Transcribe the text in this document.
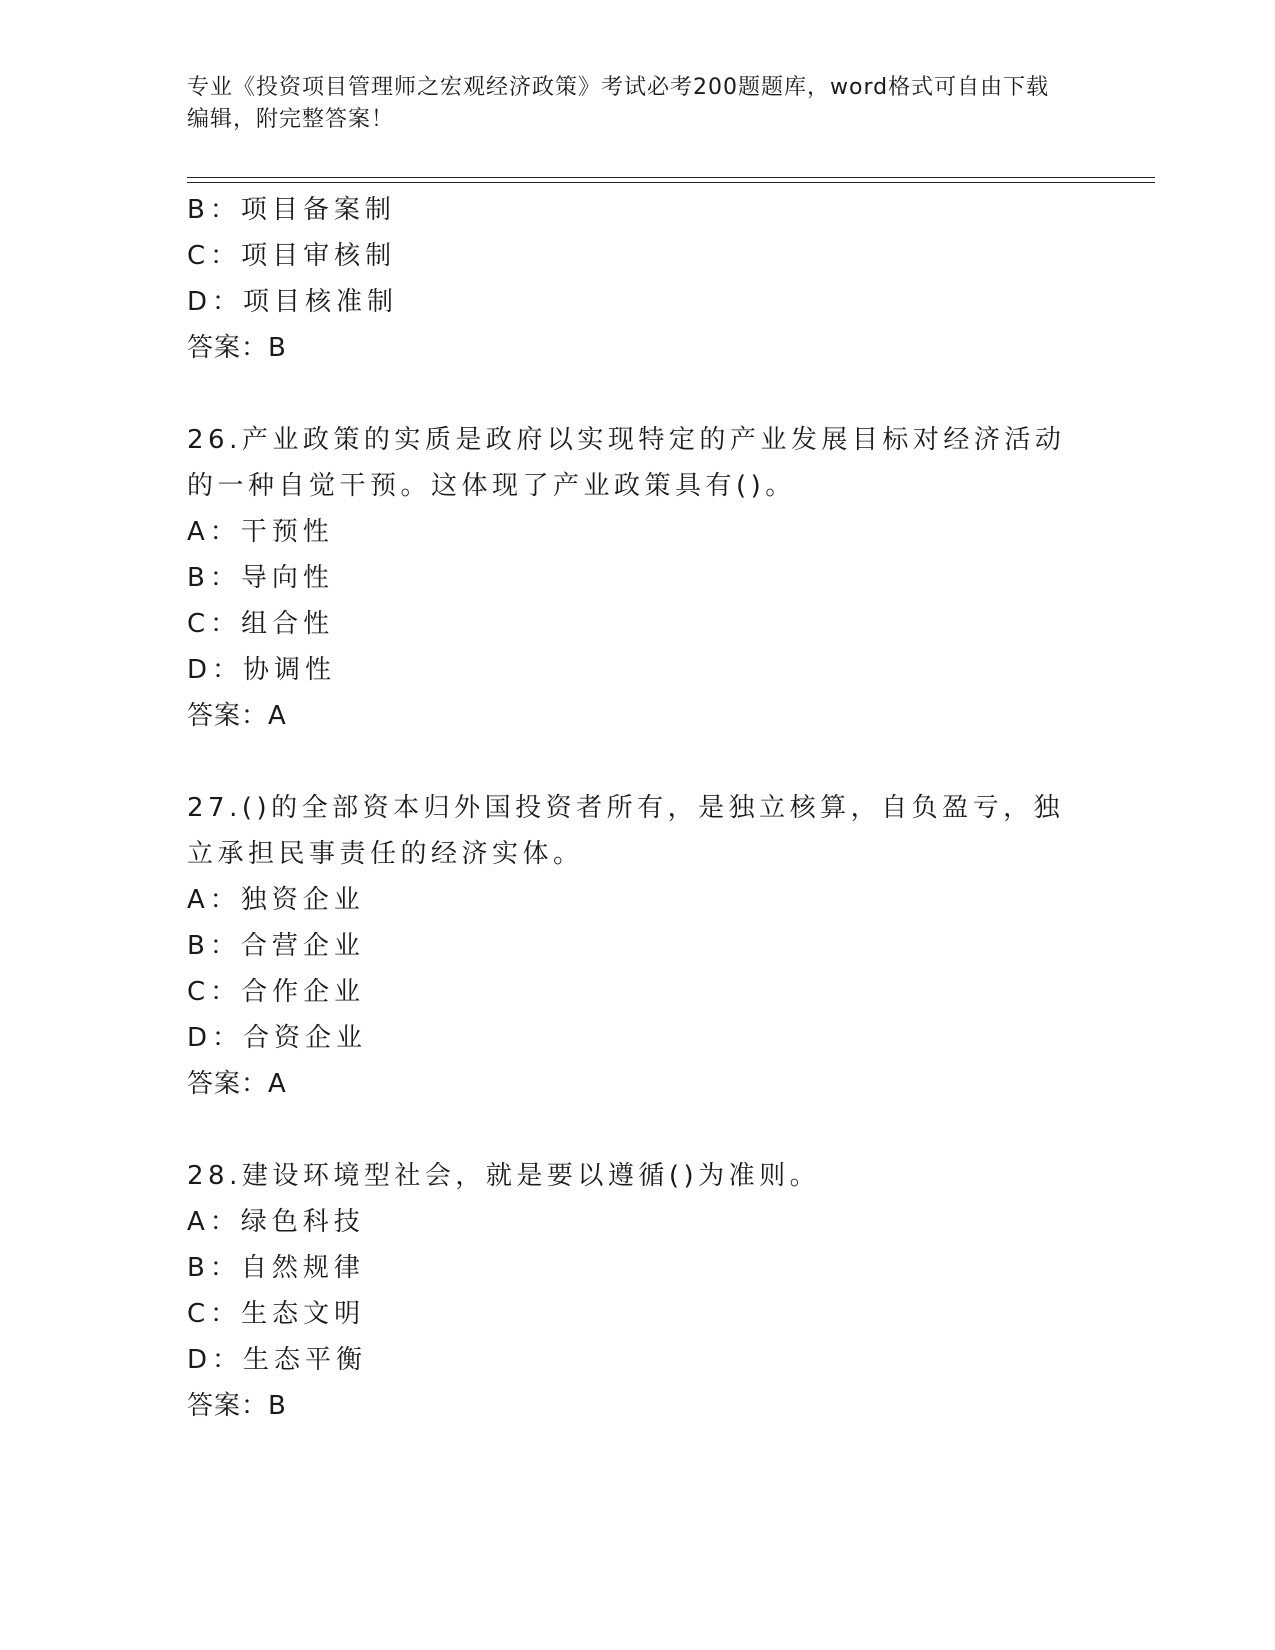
专业《投资项目管理师之宏观经济政策》考试必考200题题库，word格式可自由下载编辑，附完整答案！
B：项目备案制
C：项目审核制
D：项目核准制
答案：B
26.产业政策的实质是政府以实现特定的产业发展目标对经济活动的一种自觉干预。这体现了产业政策具有()。
A：干预性
B：导向性
C：组合性
D：协调性
答案：A
27.()的全部资本归外国投资者所有，是独立核算，自负盈亏，独立承担民事责任的经济实体。
A：独资企业
B：合营企业
C：合作企业
D：合资企业
答案：A
28.建设环境型社会，就是要以遵循()为准则。
A：绿色科技
B：自然规律
C：生态文明
D：生态平衡
答案：B
